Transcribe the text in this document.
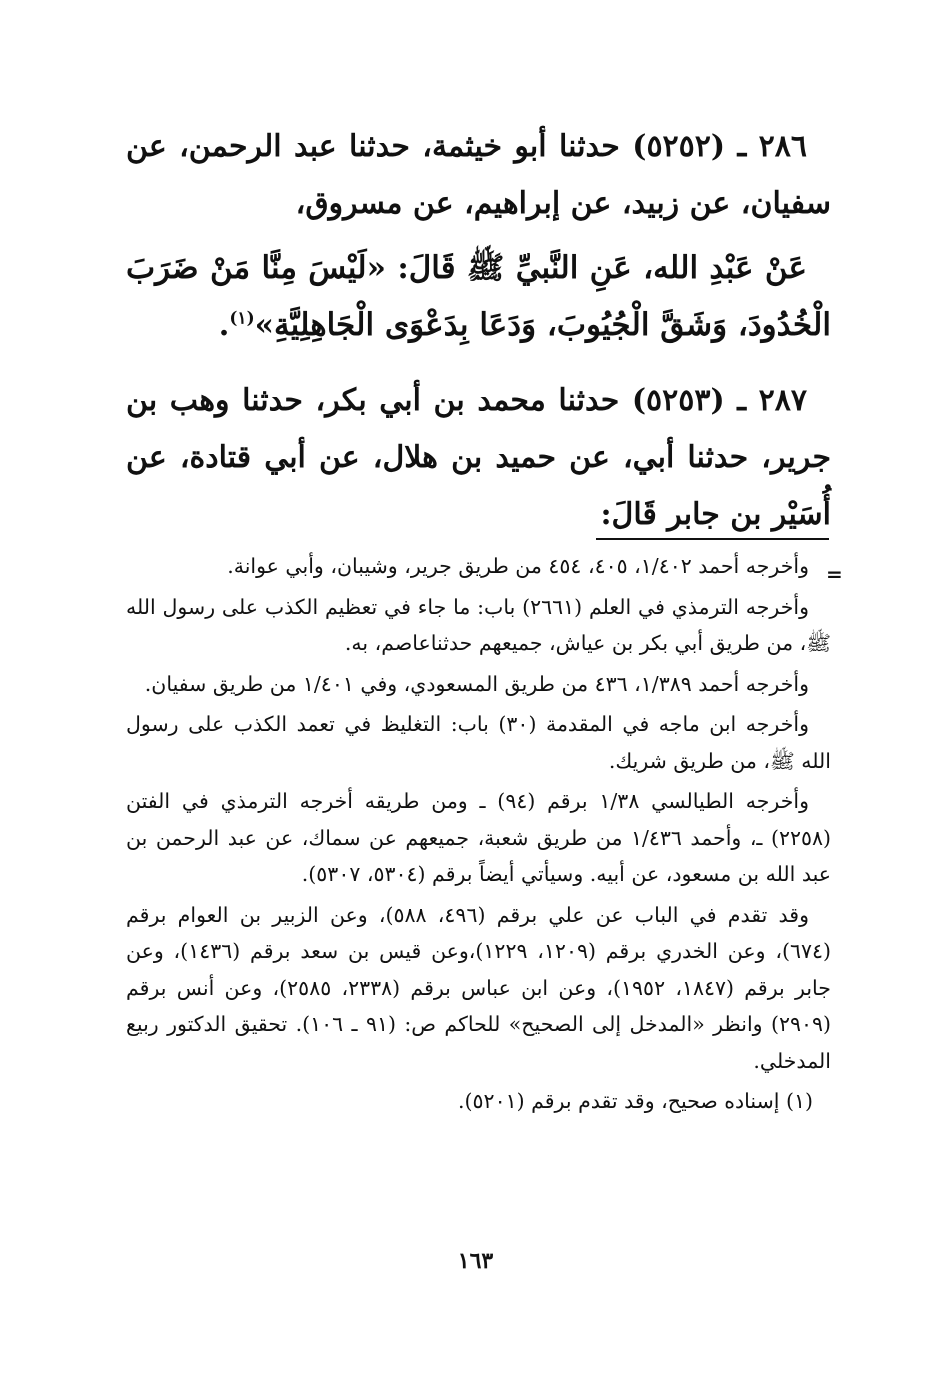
٢٨٦ ـ (٥٢٥٢) حدثنا أبو خيثمة، حدثنا عبد الرحمن، عن سفيان، عن زبيد، عن إبراهيم، عن مسروق،

عَنْ عَبْدِ الله، عَنِ النَّبيِّ ﷺ قَالَ: «لَيْسَ مِنَّا مَنْ ضَرَبَ الْخُدُودَ، وَشَقَّ الْجُيُوبَ، وَدَعَا بِدَعْوَى الْجَاهِلِيَّةِ»$^{(١)}$.

٢٨٧ ـ (٥٢٥٣) حدثنا محمد بن أبي بكر، حدثنا وهب بن جرير، حدثنا أبي، عن حميد بن هلال، عن أبي قتادة، عن أُسَيْر بن جابر قَالَ:

=

وأخرجه أحمد ١/٤٠٢، ٤٠٥، ٤٥٤ من طريق جرير، وشيبان، وأبي عوانة.

وأخرجه الترمذي في العلم (٢٦٦١) باب: ما جاء في تعظيم الكذب على رسول الله ﷺ، من طريق أبي بكر بن عياش، جميعهم حدثناعاصم، به.

وأخرجه أحمد ١/٣٨٩، ٤٣٦ من طريق المسعودي، وفي ١/٤٠١ من طريق سفيان.

وأخرجه ابن ماجه في المقدمة (٣٠) باب: التغليظ في تعمد الكذب على رسول الله ﷺ، من طريق شريك.

وأخرجه الطيالسي ١/٣٨ برقم (٩٤) ـ ومن طريقه أخرجه الترمذي في الفتن (٢٢٥٨) ـ، وأحمد ١/٤٣٦ من طريق شعبة، جميعهم عن سماك، عن عبد الرحمن بن عبد الله بن مسعود، عن أبيه. وسيأتي أيضاً برقم (٥٣٠٤، ٥٣٠٧).

وقد تقدم في الباب عن علي برقم (٤٩٦، ٥٨٨)، وعن الزبير بن العوام برقم (٦٧٤)، وعن الخدري برقم (١٢٠٩، ١٢٢٩)،وعن قيس بن سعد برقم (١٤٣٦)، وعن جابر برقم (١٨٤٧، ١٩٥٢)، وعن ابن عباس برقم (٢٣٣٨، ٢٥٨٥)، وعن أنس برقم (٢٩٠٩) وانظر «المدخل إلى الصحيح» للحاكم ص: (٩١ ـ ١٠٦). تحقيق الدكتور ربيع المدخلي.

(١) إسناده صحيح، وقد تقدم برقم (٥٢٠١).

١٦٣
